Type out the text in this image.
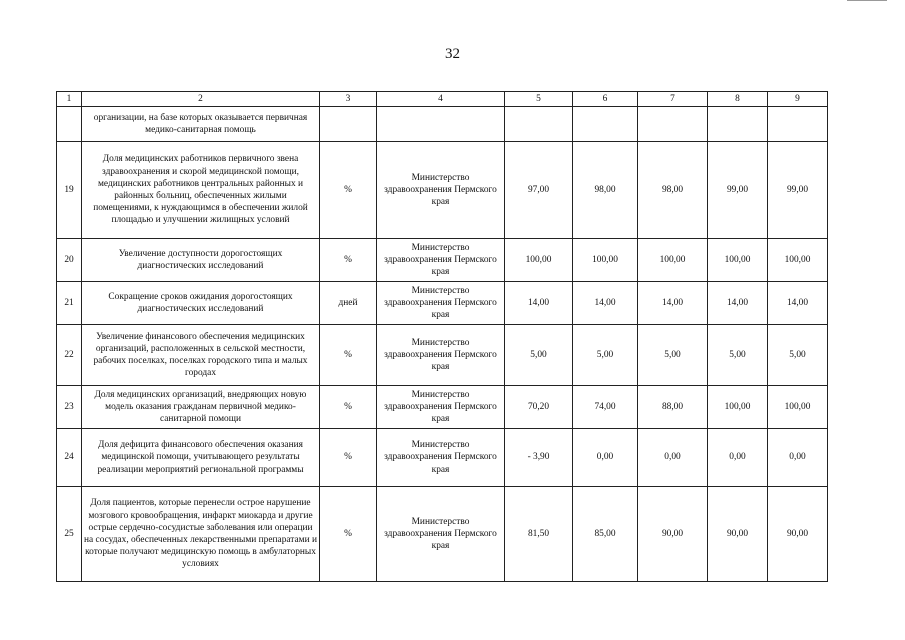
32
1	2	3	4	5	6	7	8	9
	организации, на базе которых оказывается первичная медико-санитарная помощь							
19	Доля медицинских работников первичного звена здравоохранения и скорой медицинской помощи, медицинских работников центральных районных и районных больниц, обеспеченных жилыми помещениями, к нуждающимся в обеспечении жилой площадью и улучшении жилищных условий	%	Министерство здравоохранения Пермского края	97,00	98,00	98,00	99,00	99,00
20	Увеличение доступности дорогостоящих диагностических исследований	%	Министерство здравоохранения Пермского края	100,00	100,00	100,00	100,00	100,00
21	Сокращение сроков ожидания дорогостоящих диагностических исследований	дней	Министерство здравоохранения Пермского края	14,00	14,00	14,00	14,00	14,00
22	Увеличение финансового обеспечения медицинских организаций, расположенных в сельской местности, рабочих поселках, поселках городского типа и малых городах	%	Министерство здравоохранения Пермского края	5,00	5,00	5,00	5,00	5,00
23	Доля медицинских организаций, внедряющих новую модель оказания гражданам первичной медико-санитарной помощи	%	Министерство здравоохранения Пермского края	70,20	74,00	88,00	100,00	100,00
24	Доля дефицита финансового обеспечения оказания медицинской помощи, учитывающего результаты реализации мероприятий региональной программы	%	Министерство здравоохранения Пермского края	- 3,90	0,00	0,00	0,00	0,00
25	Доля пациентов, которые перенесли острое нарушение мозгового кровообращения, инфаркт миокарда и другие острые сердечно-сосудистые заболевания или операции на сосудах, обеспеченных лекарственными препаратами и которые получают медицинскую помощь в амбулаторных условиях	%	Министерство здравоохранения Пермского края	81,50	85,00	90,00	90,00	90,00
